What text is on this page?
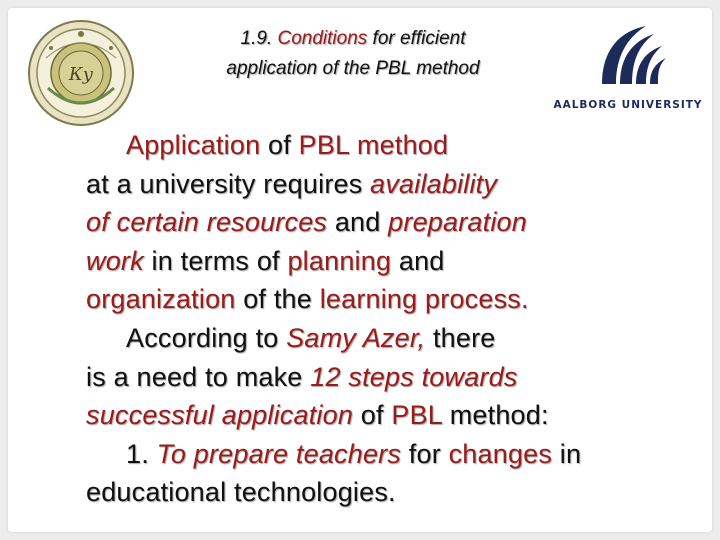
Ку
1.9. Conditions for efficient
application of the PBL method
AALBORG UNIVERSITY
Application of PBL method
at a university requires availability
of certain resources and preparation
work in terms of planning and
organization of the learning process.
According to Samy Azer, there
is a need to make 12 steps towards
successful application of PBL method:
1. To prepare teachers for changes in
educational technologies.
